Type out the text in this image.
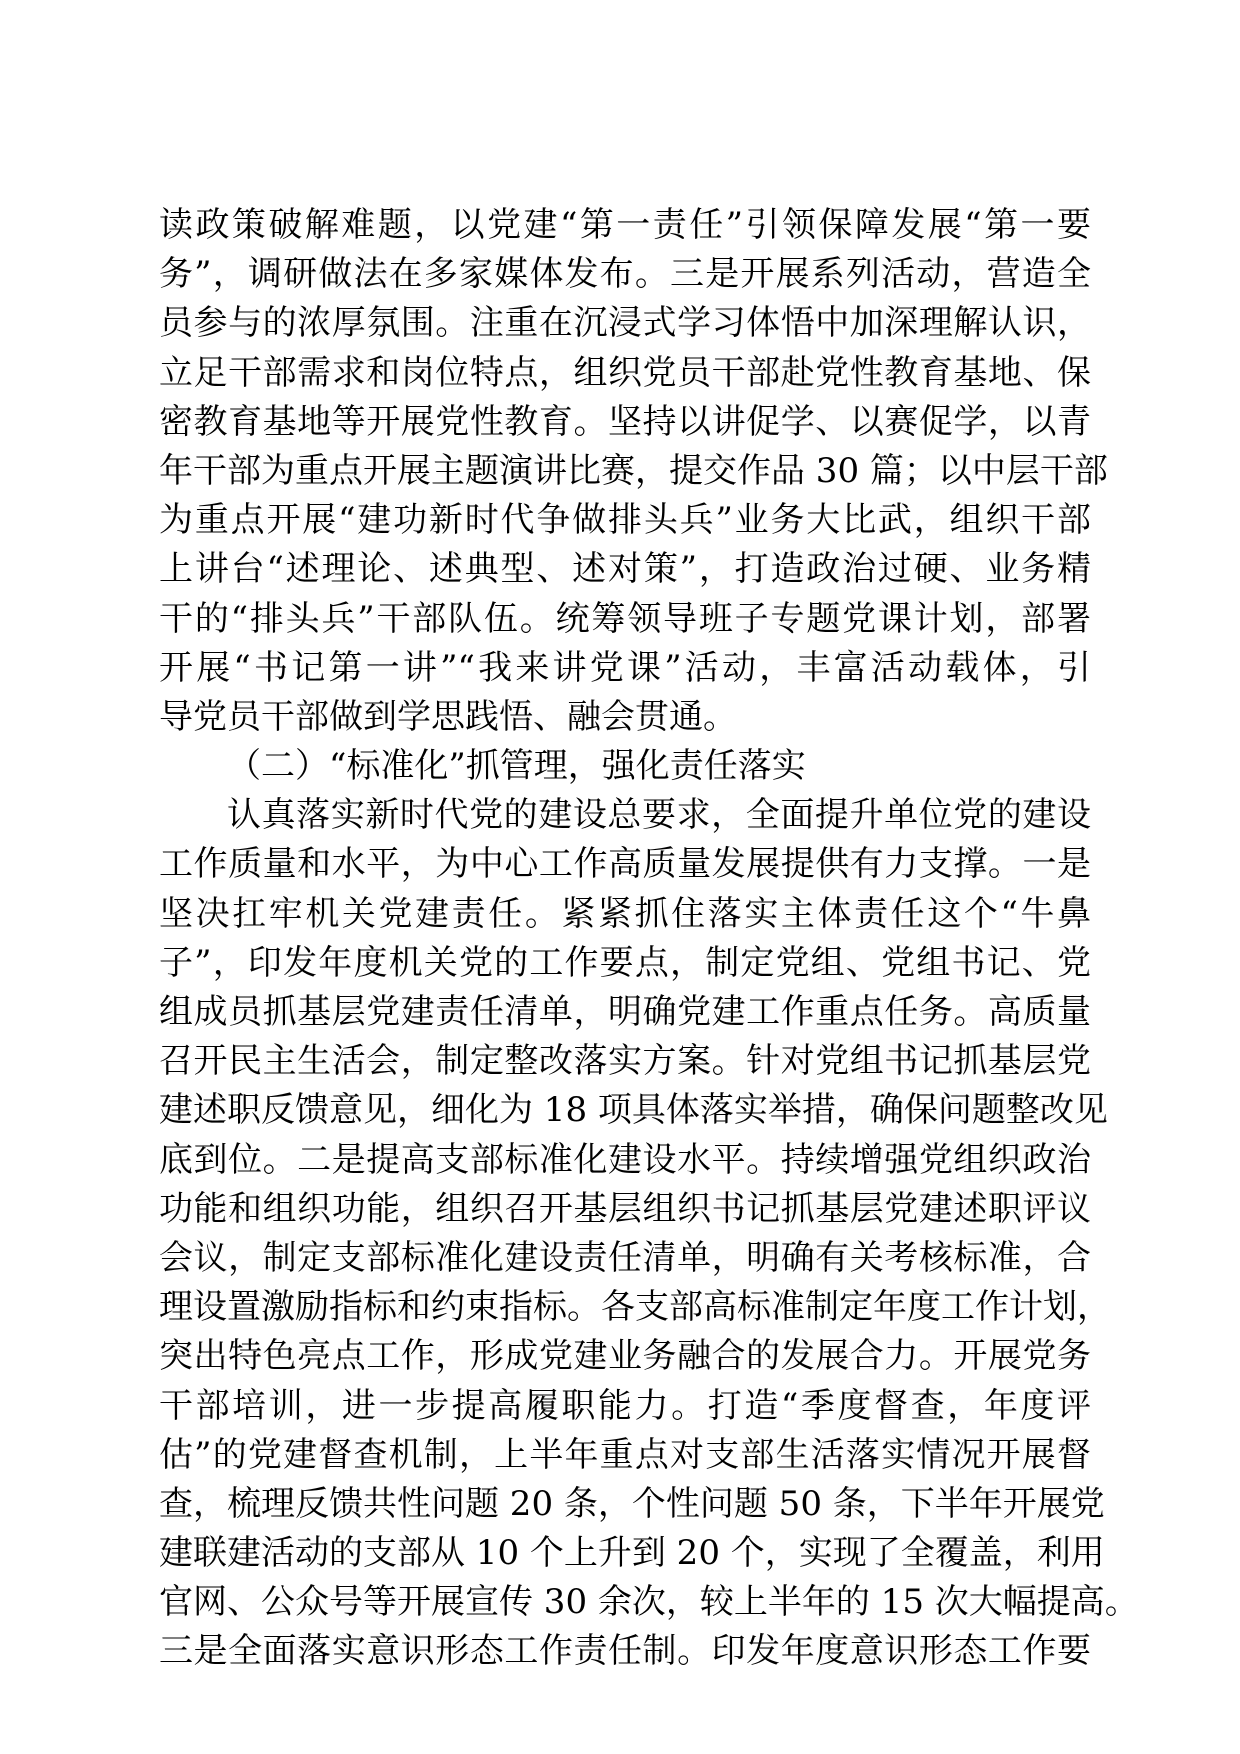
读政策破解难题，以党建“第一责任”引领保障发展“第一要
务”，调研做法在多家媒体发布。三是开展系列活动，营造全
员参与的浓厚氛围。注重在沉浸式学习体悟中加深理解认识，
立足干部需求和岗位特点，组织党员干部赴党性教育基地、保
密教育基地等开展党性教育。坚持以讲促学、以赛促学，以青
年干部为重点开展主题演讲比赛，提交作品 30 篇；以中层干部
为重点开展“建功新时代争做排头兵”业务大比武，组织干部
上讲台“述理论、述典型、述对策”，打造政治过硬、业务精
干的“排头兵”干部队伍。统筹领导班子专题党课计划，部署
开展“书记第一讲”“我来讲党课”活动，丰富活动载体，引
导党员干部做到学思践悟、融会贯通。
（二）“标准化”抓管理，强化责任落实
认真落实新时代党的建设总要求，全面提升单位党的建设
工作质量和水平，为中心工作高质量发展提供有力支撑。一是
坚决扛牢机关党建责任。紧紧抓住落实主体责任这个“牛鼻
子”，印发年度机关党的工作要点，制定党组、党组书记、党
组成员抓基层党建责任清单，明确党建工作重点任务。高质量
召开民主生活会，制定整改落实方案。针对党组书记抓基层党
建述职反馈意见，细化为 18 项具体落实举措，确保问题整改见
底到位。二是提高支部标准化建设水平。持续增强党组织政治
功能和组织功能，组织召开基层组织书记抓基层党建述职评议
会议，制定支部标准化建设责任清单，明确有关考核标准，合
理设置激励指标和约束指标。各支部高标准制定年度工作计划，
突出特色亮点工作，形成党建业务融合的发展合力。开展党务
干部培训，进一步提高履职能力。打造“季度督查，年度评
估”的党建督查机制，上半年重点对支部生活落实情况开展督
查，梳理反馈共性问题 20 条，个性问题 50 条，下半年开展党
建联建活动的支部从 10 个上升到 20 个，实现了全覆盖，利用
官网、公众号等开展宣传 30 余次，较上半年的 15 次大幅提高。
三是全面落实意识形态工作责任制。印发年度意识形态工作要
